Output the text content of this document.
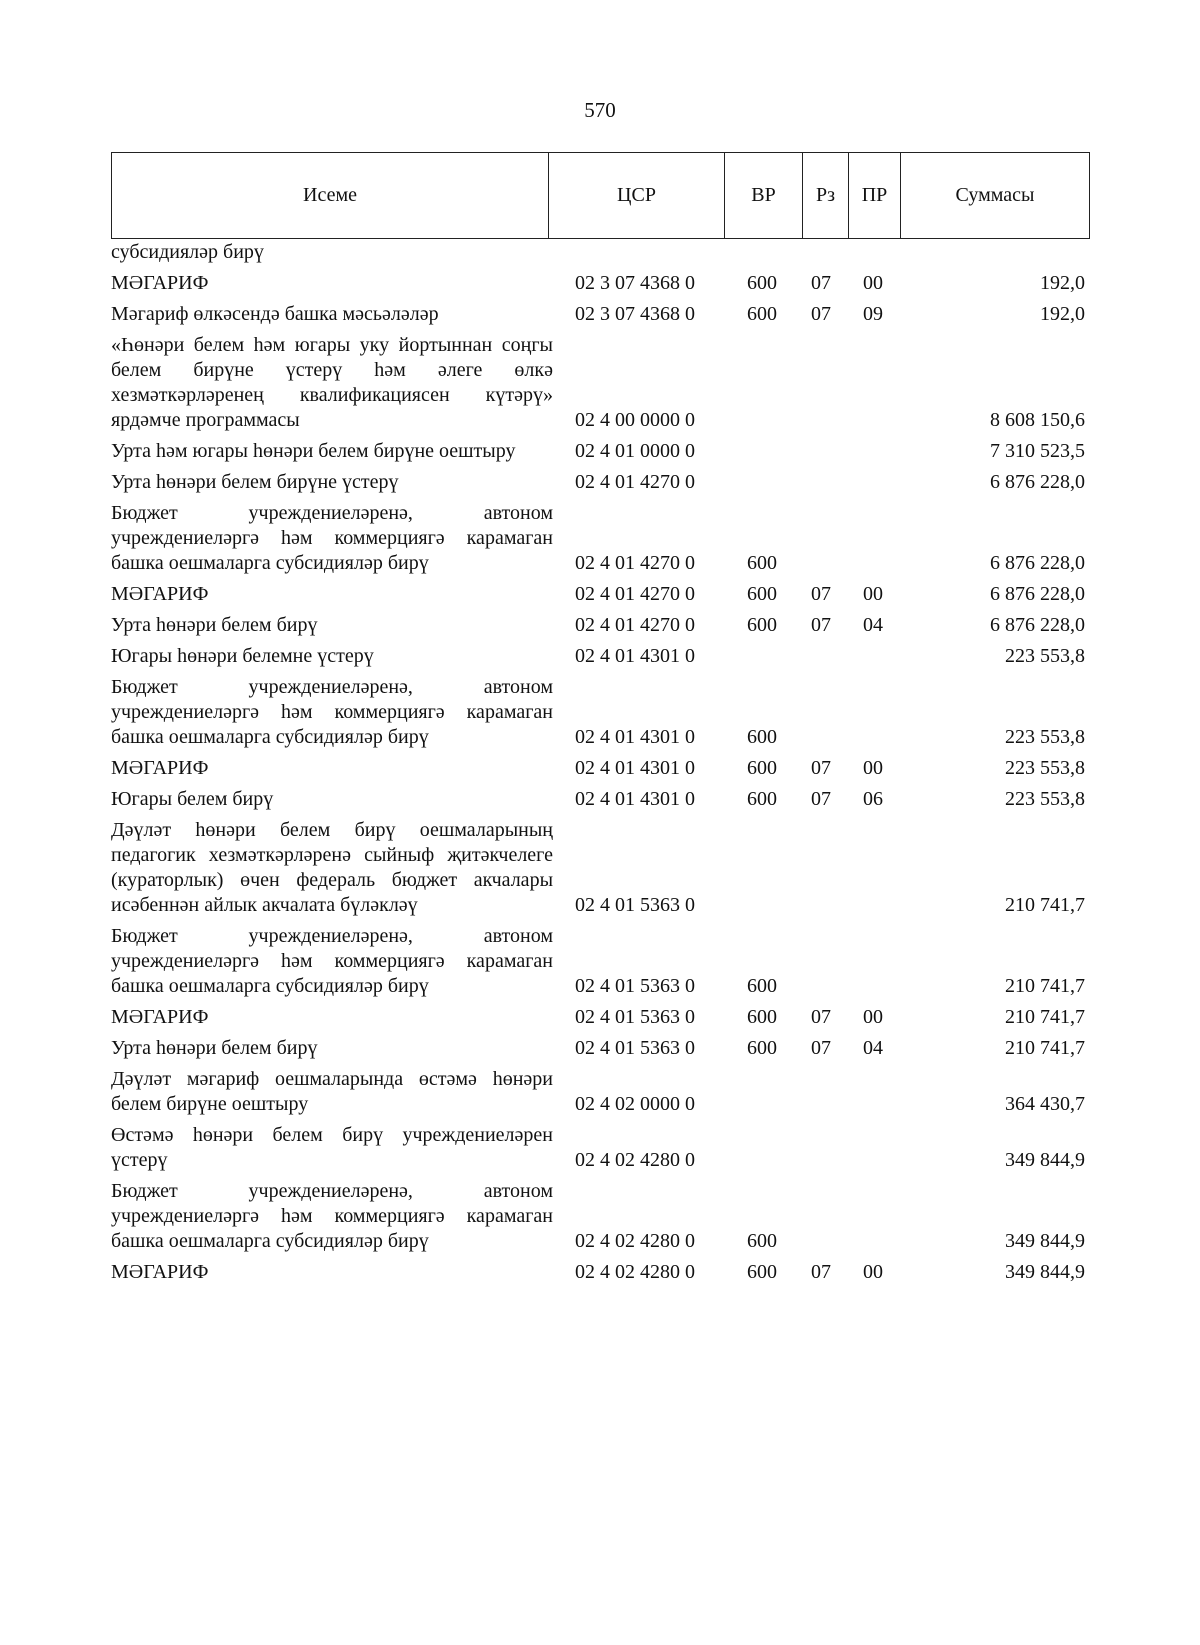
570
Исеме	ЦСР	ВР	Рз	ПР	Суммасы
субсидияләр бирү
МӘГАРИФ	02 3 07 4368 0	600	07	00	192,0
Мәгариф өлкәсендә башка мәсьәләләр	02 3 07 4368 0	600	07	09	192,0
«Һөнәри белем һәм югары уку йортыннан соңгы белем бирүне үстерү һәм әлеге өлкә хезмәткәрләренең квалификациясен күтәрү» ярдәмче программасы	02 4 00 0000 0	8 608 150,6
Урта һәм югары һөнәри белем бирүне оештыру	02 4 01 0000 0	7 310 523,5
Урта һөнәри белем бирүне үстерү	02 4 01 4270 0	6 876 228,0
Бюджет учреждениеләренә, автоном учреждениеләргә һәм коммерциягә карамаган башка оешмаларга субсидияләр бирү	02 4 01 4270 0	600	6 876 228,0
МӘГАРИФ	02 4 01 4270 0	600	07	00	6 876 228,0
Урта һөнәри белем бирү	02 4 01 4270 0	600	07	04	6 876 228,0
Югары һөнәри белемне үстерү	02 4 01 4301 0	223 553,8
Бюджет учреждениеләренә, автоном учреждениеләргә һәм коммерциягә карамаган башка оешмаларга субсидияләр бирү	02 4 01 4301 0	600	223 553,8
МӘГАРИФ	02 4 01 4301 0	600	07	00	223 553,8
Югары белем бирү	02 4 01 4301 0	600	07	06	223 553,8
Дәүләт һөнәри белем бирү оешмаларының педагогик хезмәткәрләренә сыйныф җитәкчелеге (кураторлык) өчен федераль бюджет акчалары исәбеннән айлык акчалата бүләкләү	02 4 01 5363 0	210 741,7
Бюджет учреждениеләренә, автоном учреждениеләргә һәм коммерциягә карамаган башка оешмаларга субсидияләр бирү	02 4 01 5363 0	600	210 741,7
МӘГАРИФ	02 4 01 5363 0	600	07	00	210 741,7
Урта һөнәри белем бирү	02 4 01 5363 0	600	07	04	210 741,7
Дәүләт мәгариф оешмаларында өстәмә һөнәри белем бирүне оештыру	02 4 02 0000 0	364 430,7
Өстәмә һөнәри белем бирү учреждениеләрен үстерү	02 4 02 4280 0	349 844,9
Бюджет учреждениеләренә, автоном учреждениеләргә һәм коммерциягә карамаган башка оешмаларга субсидияләр бирү	02 4 02 4280 0	600	349 844,9
МӘГАРИФ	02 4 02 4280 0	600	07	00	349 844,9
